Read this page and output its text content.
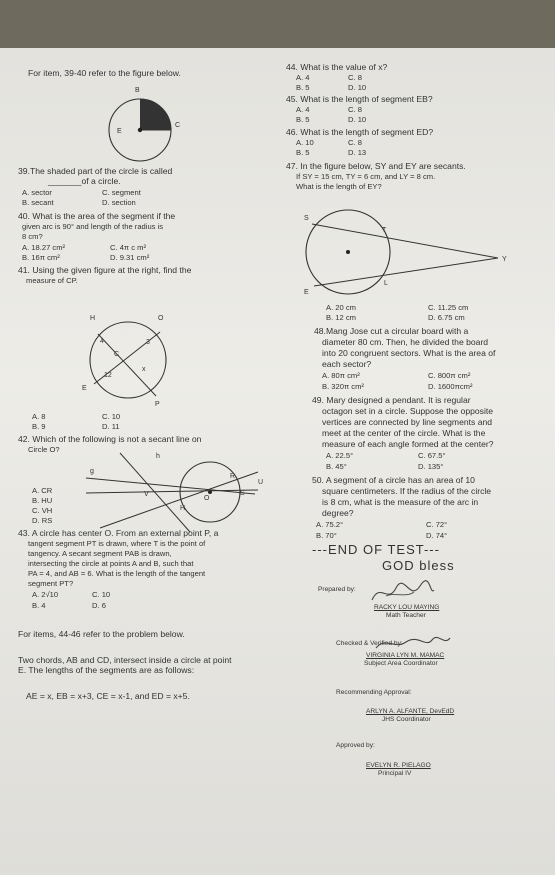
For item, 39-40 refer to the figure below.
B
E
C
39.The shaded part of the circle is called
_______of a circle.
A. sector	C. segment
B. secant	D. section
40. What is the area of the segment if the
given arc is 90° and length of the radius is
8 cm?
A. 18.27 cm²	C. 4π c m²
B. 16π cm²	D. 9.31 cm²
41. Using the given figure at the right, find the
measure of CP.
H	O
4	3
C
12
x
E
P
A. 8	C. 10
B. 9	D. 11
42. Which of the following is not a secant line on
Circle O?
h
g
R
U
V
O
S
H
A. CR
B. HU
C. VH
D. RS
43. A circle has center O. From an external point P, a
tangent segment PT is drawn, where T is the point of
tangency. A secant segment PAB is drawn,
intersecting the circle at points A and B, such that
PA = 4, and AB = 6. What is the length of the tangent
segment PT?
A. 2√10	C. 10
B. 4	D. 6
For items, 44-46 refer to the problem below.
Two chords, AB and CD, intersect inside a circle at point
E. The lengths of the segments are as follows:
AE = x, EB = x+3, CE = x-1, and ED = x+5.
44. What is the value of x?
A. 4	C. 8
B. 5	D. 10
45. What is the length of segment EB?
A. 4	C. 8
B. 5	D. 10
46. What is the length of segment ED?
A. 10	C. 8
B. 5	D. 13
47. In the figure below, SY and EY are secants.
If SY = 15 cm, TY = 6 cm, and LY = 8 cm.
What is the length of EY?
S
T
Y
L
E
A. 20 cm	C. 11.25 cm
B. 12 cm	D. 6.75 cm
48.Mang Jose cut a circular board with a
diameter 80 cm. Then, he divided the board
into 20 congruent sectors. What is the area of
each sector?
A. 80π cm²	C. 800π cm²
B. 320π cm²	D. 1600πcm²
49. Mary designed a pendant. It is regular
octagon set in a circle. Suppose the opposite
vertices are connected by line segments and
meet at the center of the circle. What is the
measure of each angle formed at the center?
A. 22.5°	C. 67.5°
B. 45°	D. 135°
50. A segment of a circle has an area of 10
square centimeters. If the radius of the circle
is 8 cm, what is the measure of the arc in
degree?
A. 75.2°	C. 72°
B. 70°	D. 74°
---END OF TEST---
GOD bless
Prepared by:
RACKY LOU MAYING
Math Teacher
Checked & Verified by:
VIRGINIA LYN M. MAMAC
Subject Area Coordinator
Recommending Approval:
ARLYN A. ALFANTE, DevEdD
JHS Coordinator
Approved by:
EVELYN R. PIELAGO
Principal IV
